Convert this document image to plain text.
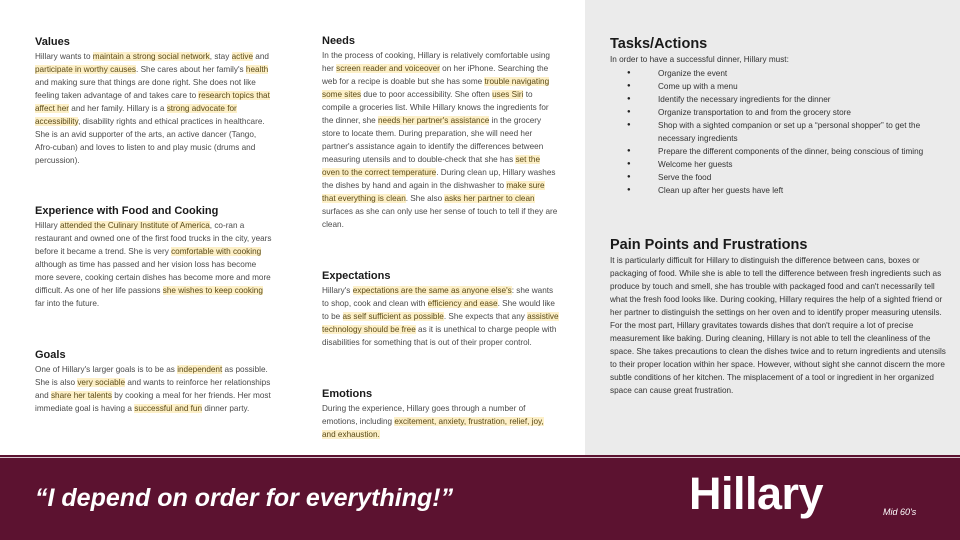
Values
Hillary wants to maintain a strong social network, stay active and participate in worthy causes. She cares about her family's health and making sure that things are done right. She does not like feeling taken advantage of and takes care to research topics that affect her and her family. Hillary is a strong advocate for accessibility, disability rights and ethical practices in healthcare. She is an avid supporter of the arts, an active dancer (Tango, Afro-cuban) and loves to listen to and play music (drums and percussion).
Experience with Food and Cooking
Hillary attended the Culinary Institute of America, co-ran a restaurant and owned one of the first food trucks in the city, years before it became a trend. She is very comfortable with cooking although as time has passed and her vision loss has become more severe, cooking certain dishes has become more and more difficult. As one of her life passions she wishes to keep cooking far into the future.
Goals
One of Hillary's larger goals is to be as independent as possible. She is also very sociable and wants to reinforce her relationships and share her talents by cooking a meal for her friends. Her most immediate goal is having a successful and fun dinner party.
Needs
In the process of cooking, Hillary is relatively comfortable using her screen reader and voiceover on her iPhone. Searching the web for a recipe is doable but she has some trouble navigating some sites due to poor accessibility. She often uses Siri to compile a groceries list. While Hillary knows the ingredients for the dinner, she needs her partner's assistance in the grocery store to locate them. During preparation, she will need her partner's assistance again to identify the differences between measuring utensils and to double-check that she has set the oven to the correct temperature. During clean up, Hillary washes the dishes by hand and again in the dishwasher to make sure that everything is clean. She also asks her partner to clean surfaces as she can only use her sense of touch to tell if they are clean.
Expectations
Hillary's expectations are the same as anyone else's: she wants to shop, cook and clean with efficiency and ease. She would like to be as self sufficient as possible. She expects that any assistive technology should be free as it is unethical to charge people with disabilities for something that is out of their proper control.
Emotions
During the experience, Hillary goes through a number of emotions, including excitement, anxiety, frustration, relief, joy, and exhaustion.
Tasks/Actions
In order to have a successful dinner, Hillary must:
● Organize the event
● Come up with a menu
● Identify the necessary ingredients for the dinner
● Organize transportation to and from the grocery store
● Shop with a sighted companion or set up a “personal shopper” to get the necessary ingredients
● Prepare the different components of the dinner, being conscious of timing
● Welcome her guests
● Serve the food
● Clean up after her guests have left
Pain Points and Frustrations
It is particularly difficult for Hillary to distinguish the difference between cans, boxes or packaging of food. While she is able to tell the difference between fresh ingredients such as produce by touch and smell, she has trouble with packaged food and can't necessarily tell what the fresh food looks like. During cooking, Hillary requires the help of a sighted friend or her partner to distinguish the settings on her oven and to identify proper measuring utensils. For the most part, Hillary gravitates towards dishes that don't require a lot of precise measurement like baking. During cleaning, Hillary is not able to tell the cleanliness of the space. She takes precautions to clean the dishes twice and to return ingredients and utensils to their proper location within her space. However, without sight she cannot discern the more subtle conditions of her kitchen. The misplacement of a tool or ingredient in her organized space can cause great frustration.
“I depend on order for everything!”	Hillary	Mid 60's
